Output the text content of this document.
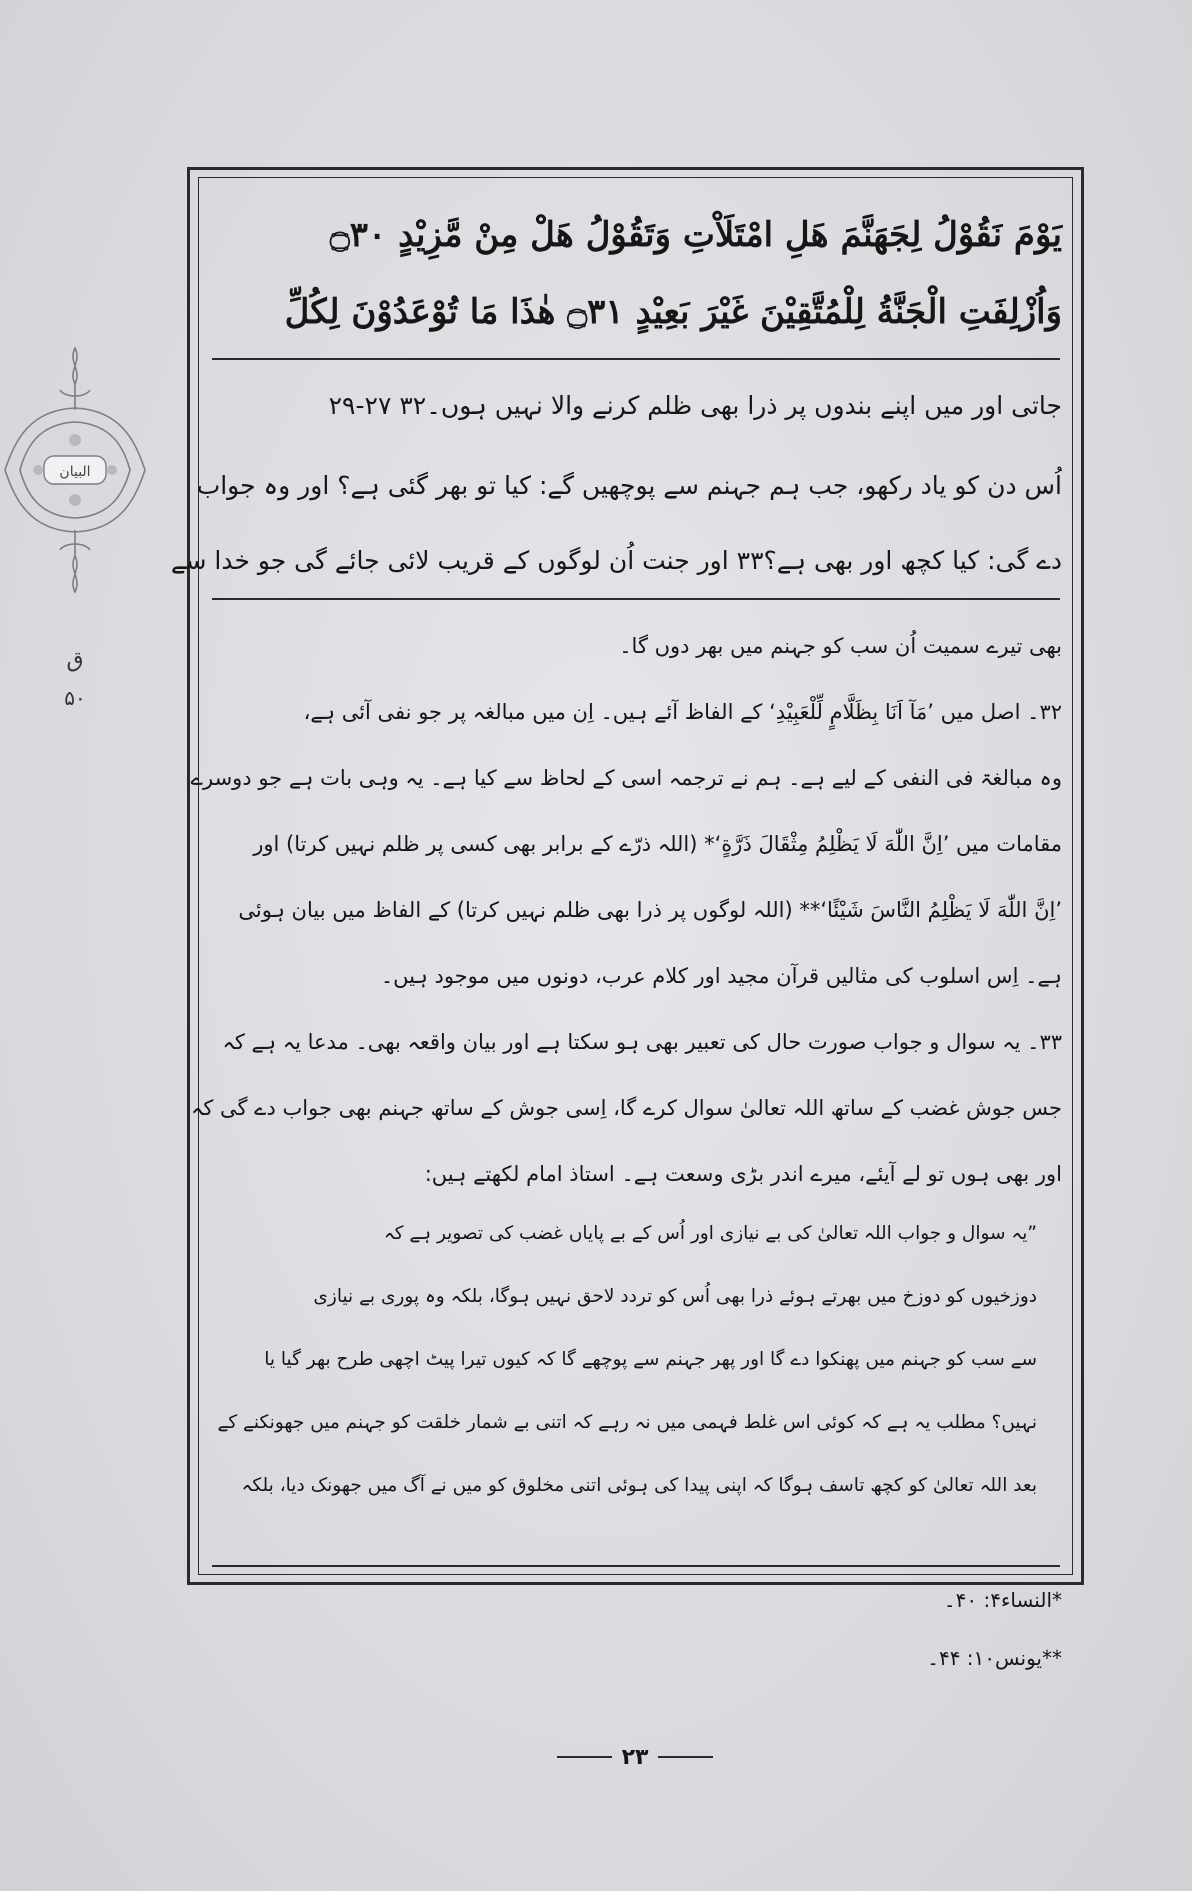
البیان
ق
۵۰
يَوْمَ نَقُوْلُ لِجَهَنَّمَ هَلِ امْتَلَاْتِ وَتَقُوْلُ هَلْ مِنْ مَّزِيْدٍ ۝٣٠
وَاُزْلِفَتِ الْجَنَّةُ لِلْمُتَّقِيْنَ غَيْرَ بَعِيْدٍ ۝٣١ هٰذَا مَا تُوْعَدُوْنَ لِكُلِّ
جاتی اور میں اپنے بندوں پر ذرا بھی ظلم کرنے والا نہیں ہوں۔۳۲ ۲۷-۲۹
اُس دن کو یاد رکھو، جب ہم جہنم سے پوچھیں گے: کیا تو بھر گئی ہے؟ اور وہ جواب
دے گی: کیا کچھ اور بھی ہے؟۳۳ اور جنت اُن لوگوں کے قریب لائی جائے گی جو خدا سے
بھی تیرے سمیت اُن سب کو جہنم میں بھر دوں گا۔
۳۲۔ اصل میں ’مَآ اَنَا بِظَلَّامٍ لِّلْعَبِيْدِ‘ کے الفاظ آئے ہیں۔ اِن میں مبالغہ پر جو نفی آئی ہے،
وہ مبالغۃ فی النفی کے لیے ہے۔ ہم نے ترجمہ اسی کے لحاظ سے کیا ہے۔ یہ وہی بات ہے جو دوسرے
مقامات میں ’اِنَّ اللّٰهَ لَا يَظْلِمُ مِثْقَالَ ذَرَّةٍ‘* (اللہ ذرّے کے برابر بھی کسی پر ظلم نہیں کرتا) اور
’اِنَّ اللّٰهَ لَا يَظْلِمُ النَّاسَ شَيْئًا‘** (اللہ لوگوں پر ذرا بھی ظلم نہیں کرتا) کے الفاظ میں بیان ہوئی
ہے۔ اِس اسلوب کی مثالیں قرآن مجید اور کلام عرب، دونوں میں موجود ہیں۔
۳۳۔ یہ سوال و جواب صورت حال کی تعبیر بھی ہو سکتا ہے اور بیان واقعہ بھی۔ مدعا یہ ہے کہ
جس جوش غضب کے ساتھ اللہ تعالیٰ سوال کرے گا، اِسی جوش کے ساتھ جہنم بھی جواب دے گی کہ
اور بھی ہوں تو لے آیئے، میرے اندر بڑی وسعت ہے۔ استاذ امام لکھتے ہیں:
”یہ سوال و جواب اللہ تعالیٰ کی بے نیازی اور اُس کے بے پایاں غضب کی تصویر ہے کہ
دوزخیوں کو دوزخ میں بھرتے ہوئے ذرا بھی اُس کو تردد لاحق نہیں ہوگا، بلکہ وہ پوری بے نیازی
سے سب کو جہنم میں پھنکوا دے گا اور پھر جہنم سے پوچھے گا کہ کیوں تیرا پیٹ اچھی طرح بھر گیا یا
نہیں؟ مطلب یہ ہے کہ کوئی اس غلط فہمی میں نہ رہے کہ اتنی بے شمار خلقت کو جہنم میں جھونکنے کے
بعد اللہ تعالیٰ کو کچھ تاسف ہوگا کہ اپنی پیدا کی ہوئی اتنی مخلوق کو میں نے آگ میں جھونک دیا، بلکہ
*النساء۴: ۴۰۔
**یونس۱۰: ۴۴۔
۲۳
